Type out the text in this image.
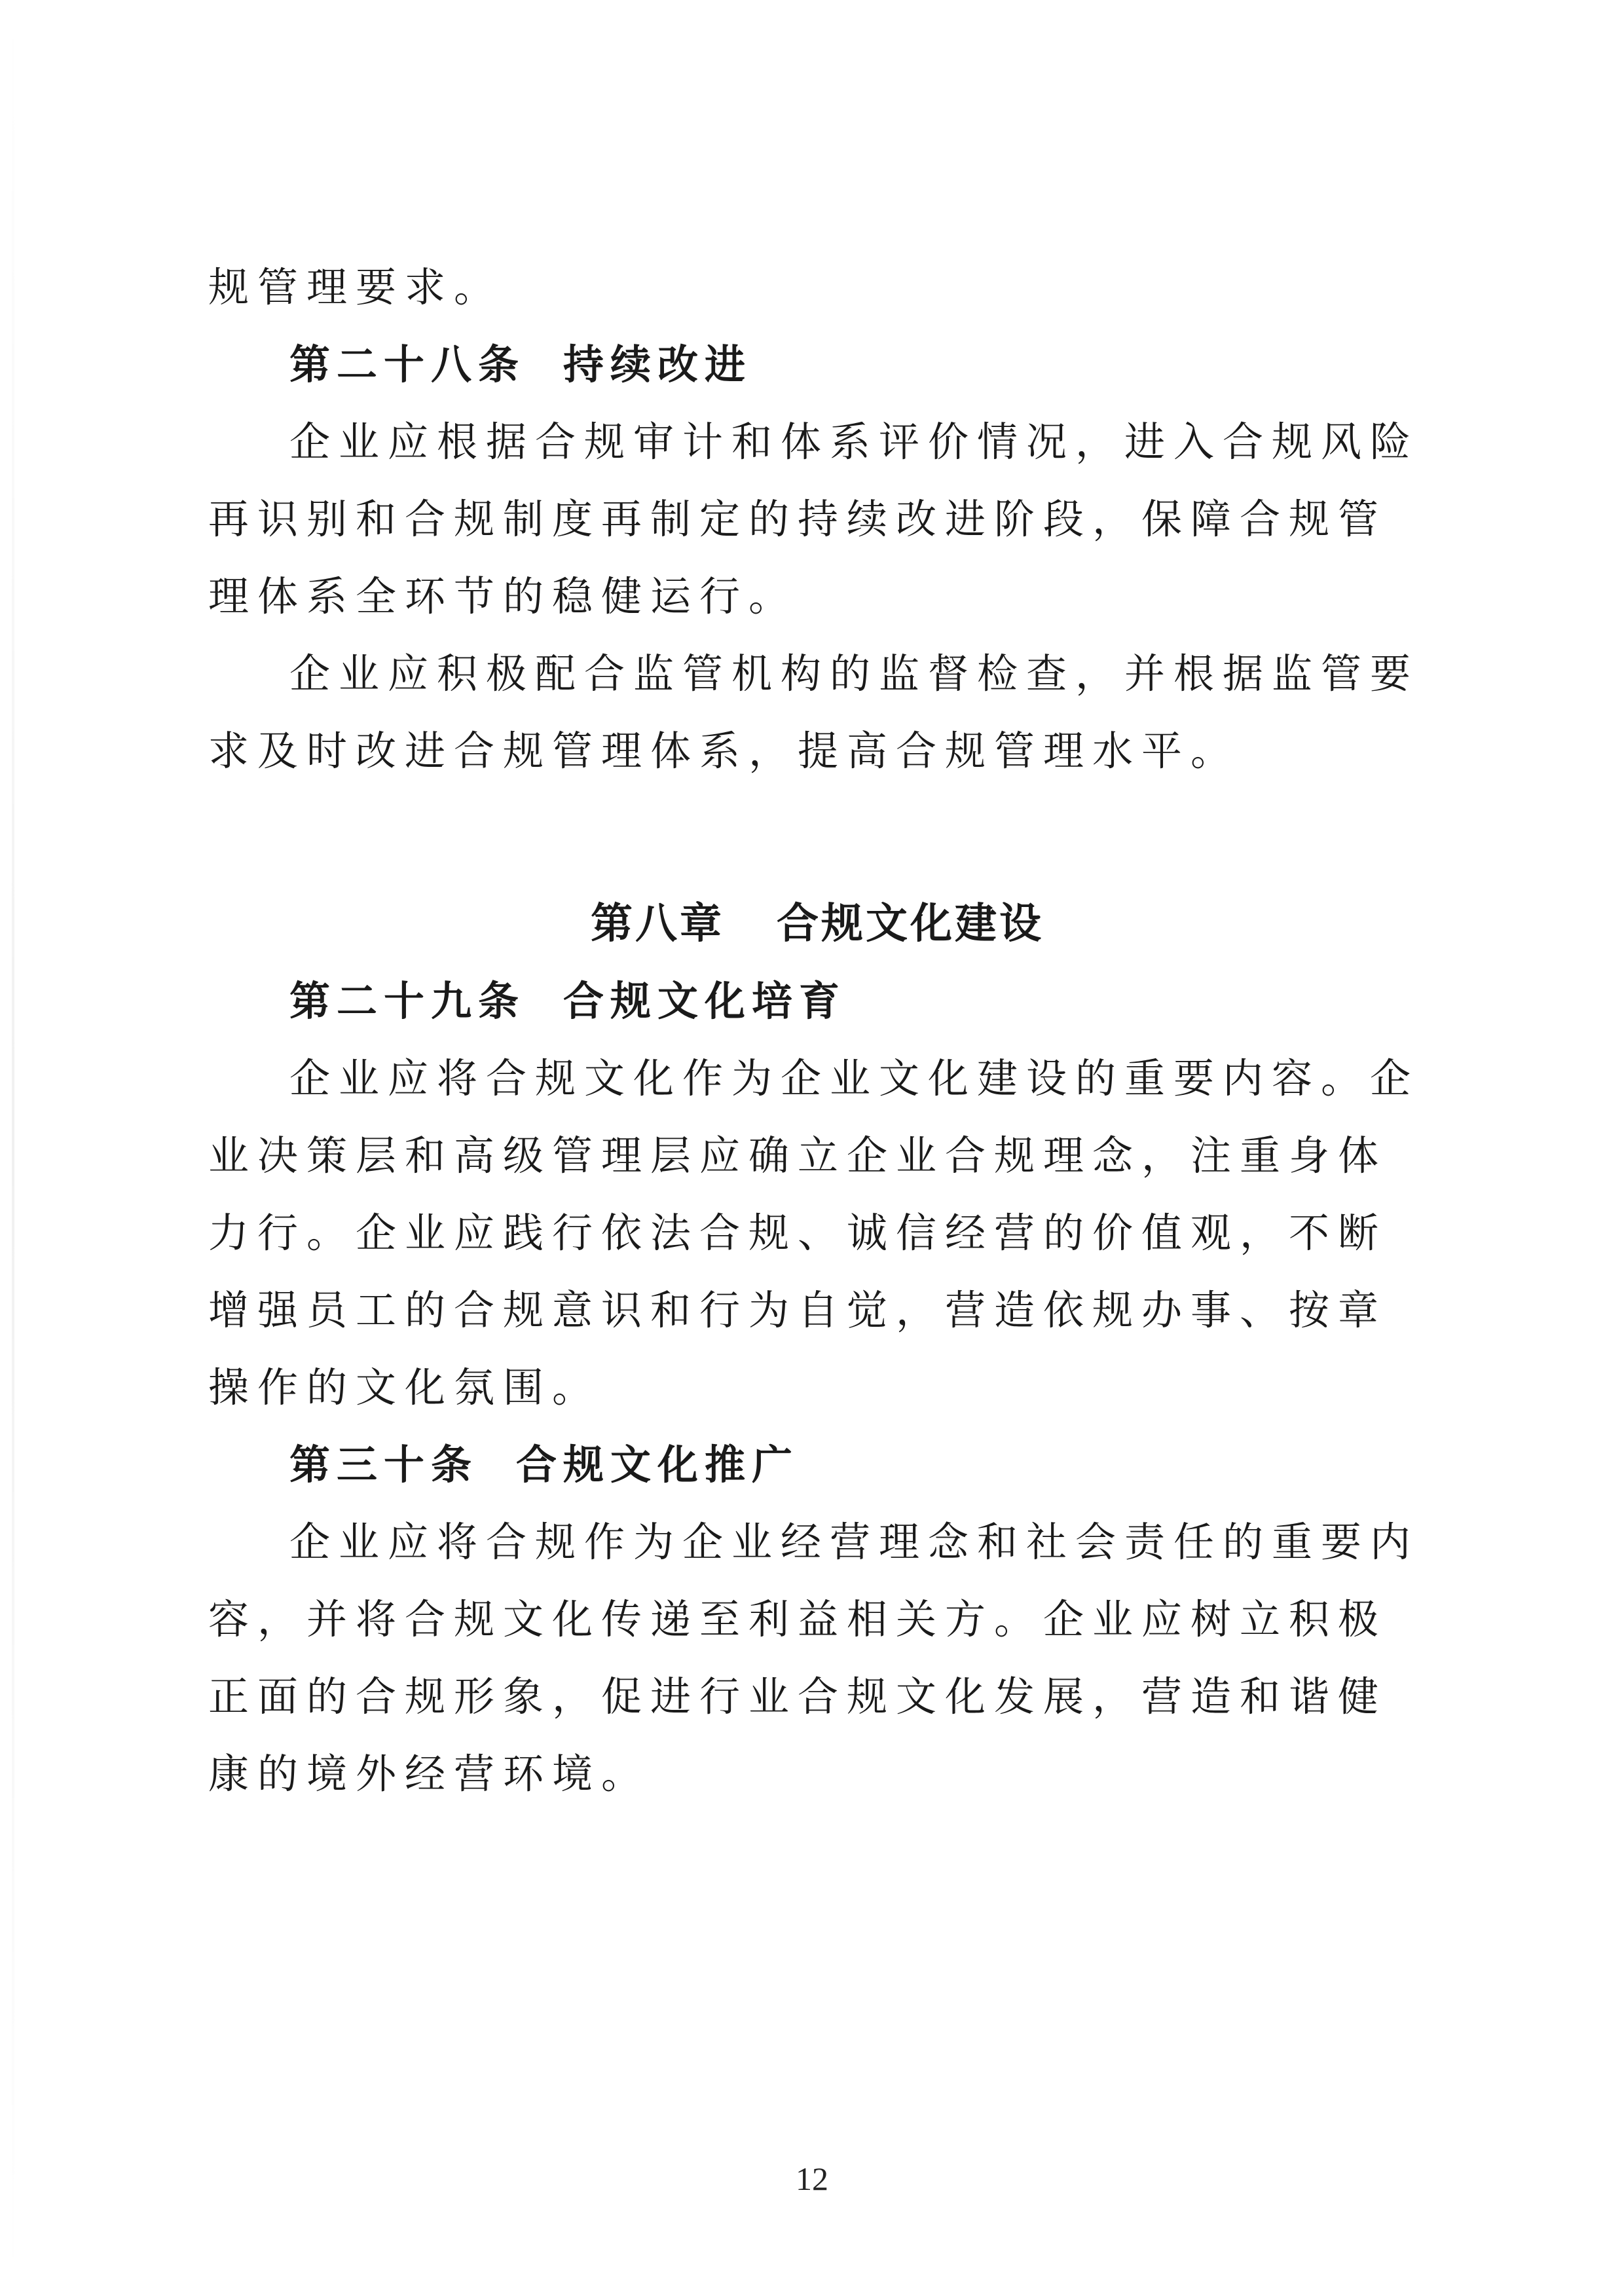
规管理要求。

第二十八条 持续改进

企业应根据合规审计和体系评价情况，进入合规风险再识别和合规制度再制定的持续改进阶段，保障合规管理体系全环节的稳健运行。

企业应积极配合监管机构的监督检查，并根据监管要求及时改进合规管理体系，提高合规管理水平。

第八章 合规文化建设

第二十九条 合规文化培育

企业应将合规文化作为企业文化建设的重要内容。企业决策层和高级管理层应确立企业合规理念，注重身体力行。企业应践行依法合规、诚信经营的价值观，不断增强员工的合规意识和行为自觉，营造依规办事、按章操作的文化氛围。

第三十条 合规文化推广

企业应将合规作为企业经营理念和社会责任的重要内容，并将合规文化传递至利益相关方。企业应树立积极正面的合规形象，促进行业合规文化发展，营造和谐健康的境外经营环境。

12
